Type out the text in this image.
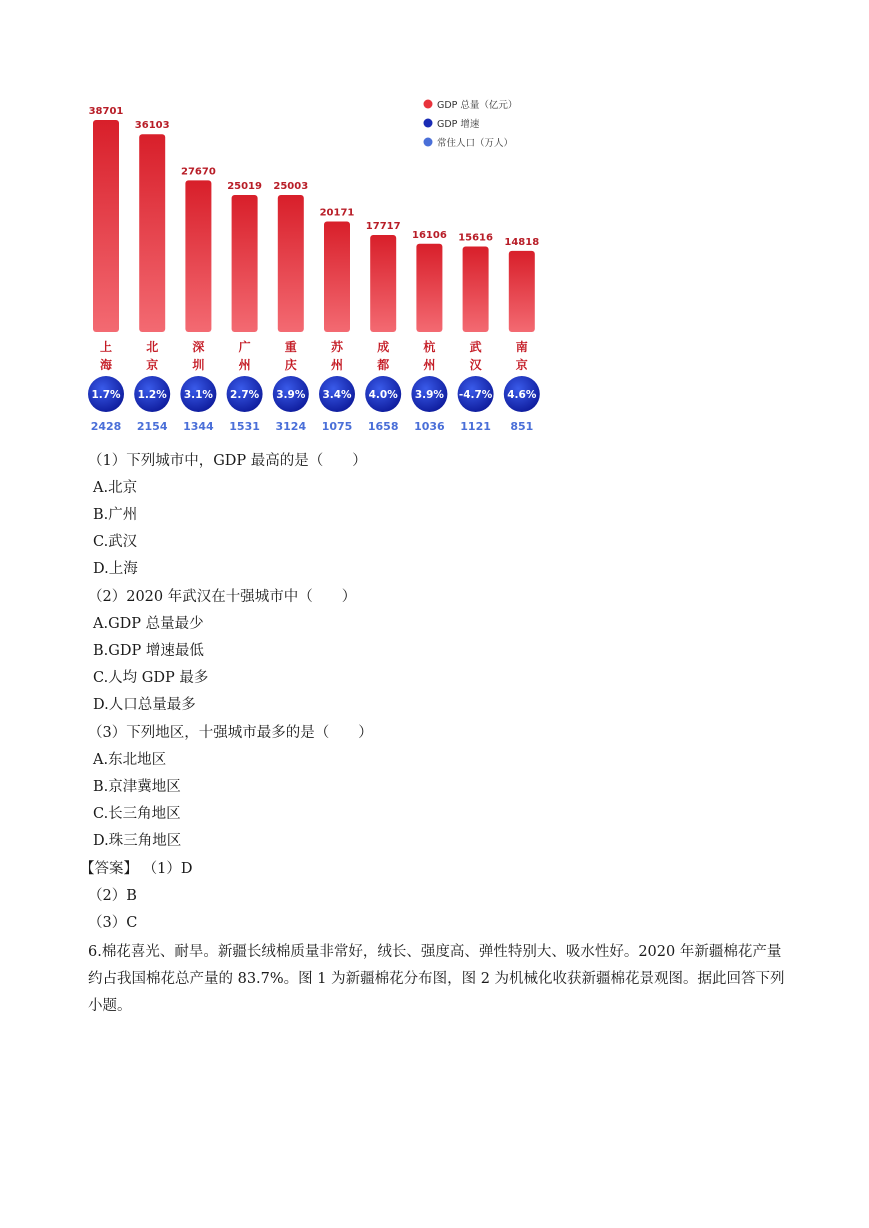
38701
上
海
1.7%
2428
36103
北
京
1.2%
2154
27670
深
圳
3.1%
1344
25019
广
州
2.7%
1531
25003
重
庆
3.9%
3124
20171
苏
州
3.4%
1075
17717
成
都
4.0%
1658
16106
杭
州
3.9%
1036
15616
武
汉
-4.7%
1121
14818
南
京
4.6%
851
GDP 总量（亿元）
GDP 增速
常住人口（万人）
（1）下列城市中，GDP 最高的是（　　）
A.北京
B.广州
C.武汉
D.上海
（2）2020 年武汉在十强城市中（　　）
A.GDP 总量最少
B.GDP 增速最低
C.人均 GDP 最多
D.人口总量最多
（3）下列地区，十强城市最多的是（　　）
A.东北地区
B.京津冀地区
C.长三角地区
D.珠三角地区
【答案】 （1）D
（2）B
（3）C
6.棉花喜光、耐旱。新疆长绒棉质量非常好，绒长、强度高、弹性特别大、吸水性好。2020 年新疆棉花产量约占我国棉花总产量的 83.7%。图 1 为新疆棉花分布图，图 2 为机械化收获新疆棉花景观图。据此回答下列小题。
